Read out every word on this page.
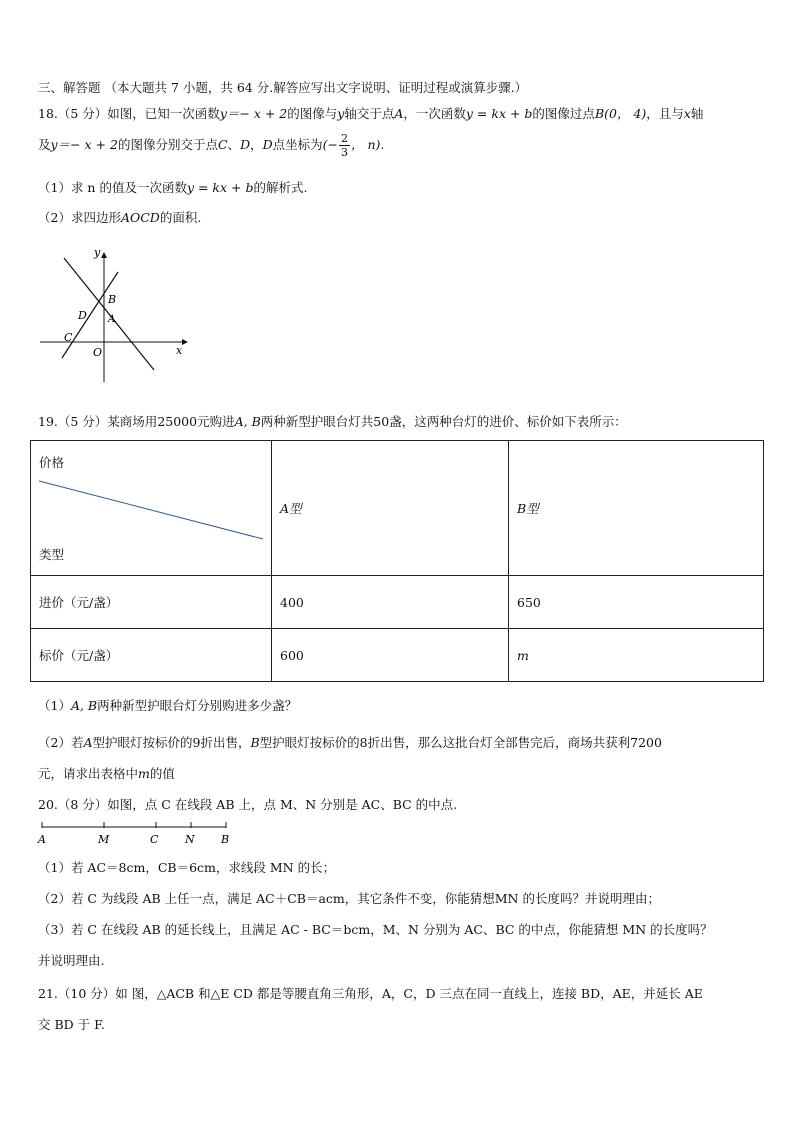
三、解答题 （本大题共 7 小题，共 64 分.解答应写出文字说明、证明过程或演算步骤.）
18.（5 分）如图，已知一次函数y＝− x + 2的图像与y轴交于点A，一次函数y = kx + b的图像过点B(0， 4)，且与x轴
及y＝− x + 2的图像分别交于点C、D，D点坐标为(− $\frac{2}{3}$ ， n).
（1）求 n 的值及一次函数y = kx + b的解析式.
（2）求四边形AOCD的面积.
y
x
O
B
A
D
C
19.（5 分）某商场用25000元购进A, B两种新型护眼台灯共50盏，这两种台灯的进价、标价如下表所示：
价格
类型	A型	B型
进价（元/盏）	400	650
标价（元/盏）	600	m
（1）A, B两种新型护眼台灯分别购进多少盏？
（2）若A型护眼灯按标价的9折出售，B型护眼灯按标价的8折出售，那么这批台灯全部售完后，商场共获利7200
元，请求出表格中m的值
20.（8 分）如图，点 C 在线段 AB 上，点 M、N 分别是 AC、BC 的中点.
A	M	C N B
（1）若 AC＝8cm，CB＝6cm，求线段 MN 的长；
（2）若 C 为线段 AB 上任一点，满足 AC＋CB＝acm，其它条件不变，你能猜想MN 的长度吗？并说明理由；
（3）若 C 在线段 AB 的延长线上，且满足 AC - BC＝bcm，M、N 分别为 AC、BC 的中点，你能猜想 MN 的长度吗？
并说明理由.
21.（10 分）如 图，△ACB 和△E CD 都是等腰直角三角形，A，C，D 三点在同一直线上，连接 BD，AE，并延长 AE
交 BD 于 F.
